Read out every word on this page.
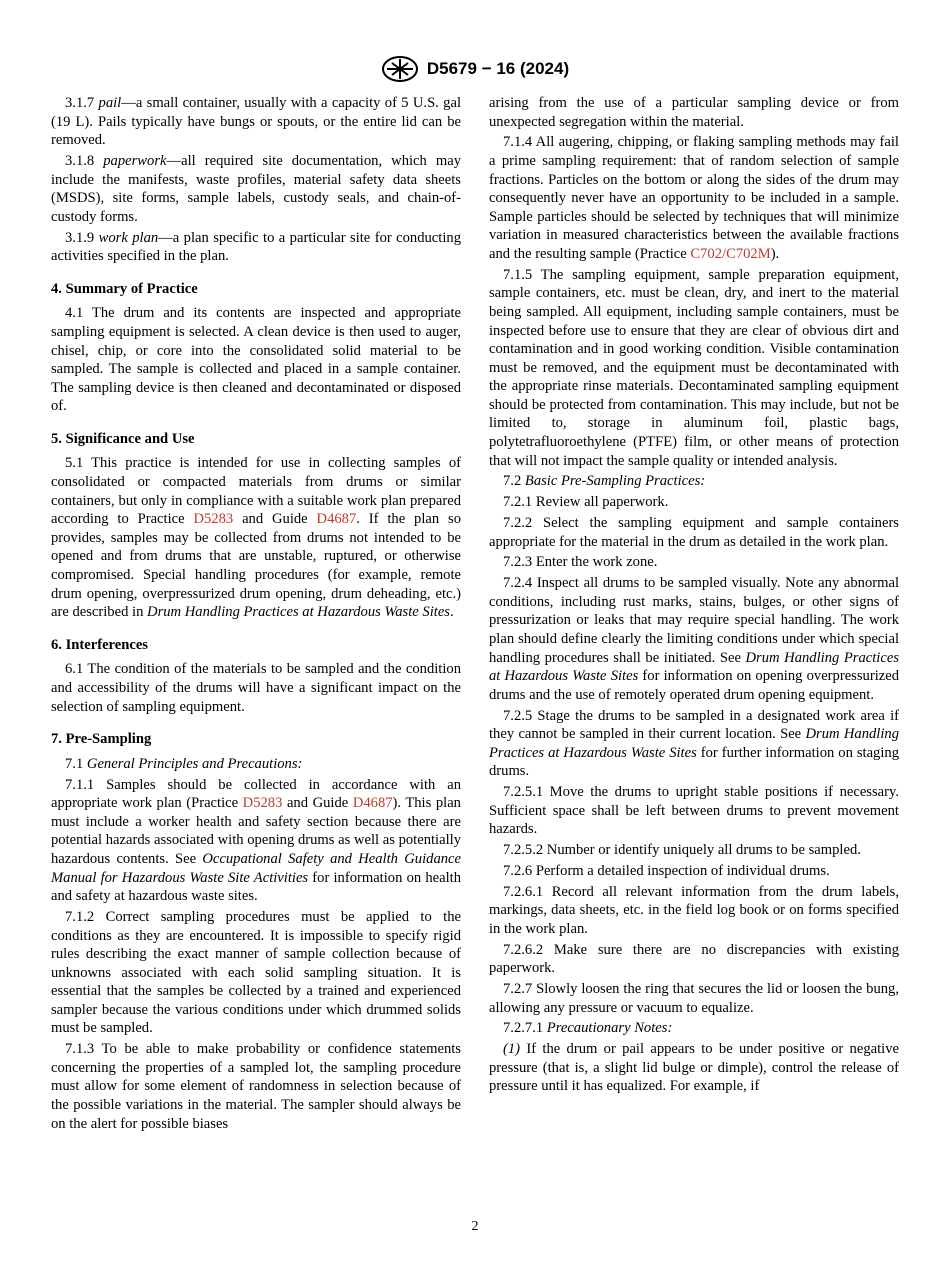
D5679 − 16 (2024)

3.1.7 pail—a small container, usually with a capacity of 5 U.S. gal (19 L). Pails typically have bungs or spouts, or the entire lid can be removed.

3.1.8 paperwork—all required site documentation, which may include the manifests, waste profiles, material safety data sheets (MSDS), site forms, sample labels, custody seals, and chain-of-custody forms.

3.1.9 work plan—a plan specific to a particular site for conducting activities specified in the plan.

4. Summary of Practice

4.1 The drum and its contents are inspected and appropriate sampling equipment is selected. A clean device is then used to auger, chisel, chip, or core into the consolidated solid material to be sampled. The sample is collected and placed in a sample container. The sampling device is then cleaned and decontaminated or disposed of.

5. Significance and Use

5.1 This practice is intended for use in collecting samples of consolidated or compacted materials from drums or similar containers, but only in compliance with a suitable work plan prepared according to Practice D5283 and Guide D4687. If the plan so provides, samples may be collected from drums not intended to be opened and from drums that are unstable, ruptured, or otherwise compromised. Special handling procedures (for example, remote drum opening, overpressurized drum opening, drum deheading, etc.) are described in Drum Handling Practices at Hazardous Waste Sites.

6. Interferences

6.1 The condition of the materials to be sampled and the condition and accessibility of the drums will have a significant impact on the selection of sampling equipment.

7. Pre-Sampling

7.1 General Principles and Precautions:

7.1.1 Samples should be collected in accordance with an appropriate work plan (Practice D5283 and Guide D4687). This plan must include a worker health and safety section because there are potential hazards associated with opening drums as well as potentially hazardous contents. See Occupational Safety and Health Guidance Manual for Hazardous Waste Site Activities for information on health and safety at hazardous waste sites.

7.1.2 Correct sampling procedures must be applied to the conditions as they are encountered. It is impossible to specify rigid rules describing the exact manner of sample collection because of unknowns associated with each solid sampling situation. It is essential that the samples be collected by a trained and experienced sampler because the various conditions under which drummed solids must be sampled.

7.1.3 To be able to make probability or confidence statements concerning the properties of a sampled lot, the sampling procedure must allow for some element of randomness in selection because of the possible variations in the material. The sampler should always be on the alert for possible biases

arising from the use of a particular sampling device or from unexpected segregation within the material.

7.1.4 All augering, chipping, or flaking sampling methods may fail a prime sampling requirement: that of random selection of sample fractions. Particles on the bottom or along the sides of the drum may consequently never have an opportunity to be included in a sample. Sample particles should be selected by techniques that will minimize variation in measured characteristics between the available fractions and the resulting sample (Practice C702/C702M).

7.1.5 The sampling equipment, sample preparation equipment, sample containers, etc. must be clean, dry, and inert to the material being sampled. All equipment, including sample containers, must be inspected before use to ensure that they are clear of obvious dirt and contamination and in good working condition. Visible contamination must be removed, and the equipment must be decontaminated with the appropriate rinse materials. Decontaminated sampling equipment should be protected from contamination. This may include, but not be limited to, storage in aluminum foil, plastic bags, polytetrafluoroethylene (PTFE) film, or other means of protection that will not impact the sample quality or intended analysis.

7.2 Basic Pre-Sampling Practices:

7.2.1 Review all paperwork.

7.2.2 Select the sampling equipment and sample containers appropriate for the material in the drum as detailed in the work plan.

7.2.3 Enter the work zone.

7.2.4 Inspect all drums to be sampled visually. Note any abnormal conditions, including rust marks, stains, bulges, or other signs of pressurization or leaks that may require special handling. The work plan should define clearly the limiting conditions under which special handling procedures shall be initiated. See Drum Handling Practices at Hazardous Waste Sites for information on opening overpressurized drums and the use of remotely operated drum opening equipment.

7.2.5 Stage the drums to be sampled in a designated work area if they cannot be sampled in their current location. See Drum Handling Practices at Hazardous Waste Sites for further information on staging drums.

7.2.5.1 Move the drums to upright stable positions if necessary. Sufficient space shall be left between drums to prevent movement hazards.

7.2.5.2 Number or identify uniquely all drums to be sampled.

7.2.6 Perform a detailed inspection of individual drums.

7.2.6.1 Record all relevant information from the drum labels, markings, data sheets, etc. in the field log book or on forms specified in the work plan.

7.2.6.2 Make sure there are no discrepancies with existing paperwork.

7.2.7 Slowly loosen the ring that secures the lid or loosen the bung, allowing any pressure or vacuum to equalize.

7.2.7.1 Precautionary Notes:

(1) If the drum or pail appears to be under positive or negative pressure (that is, a slight lid bulge or dimple), control the release of pressure until it has equalized. For example, if

2
